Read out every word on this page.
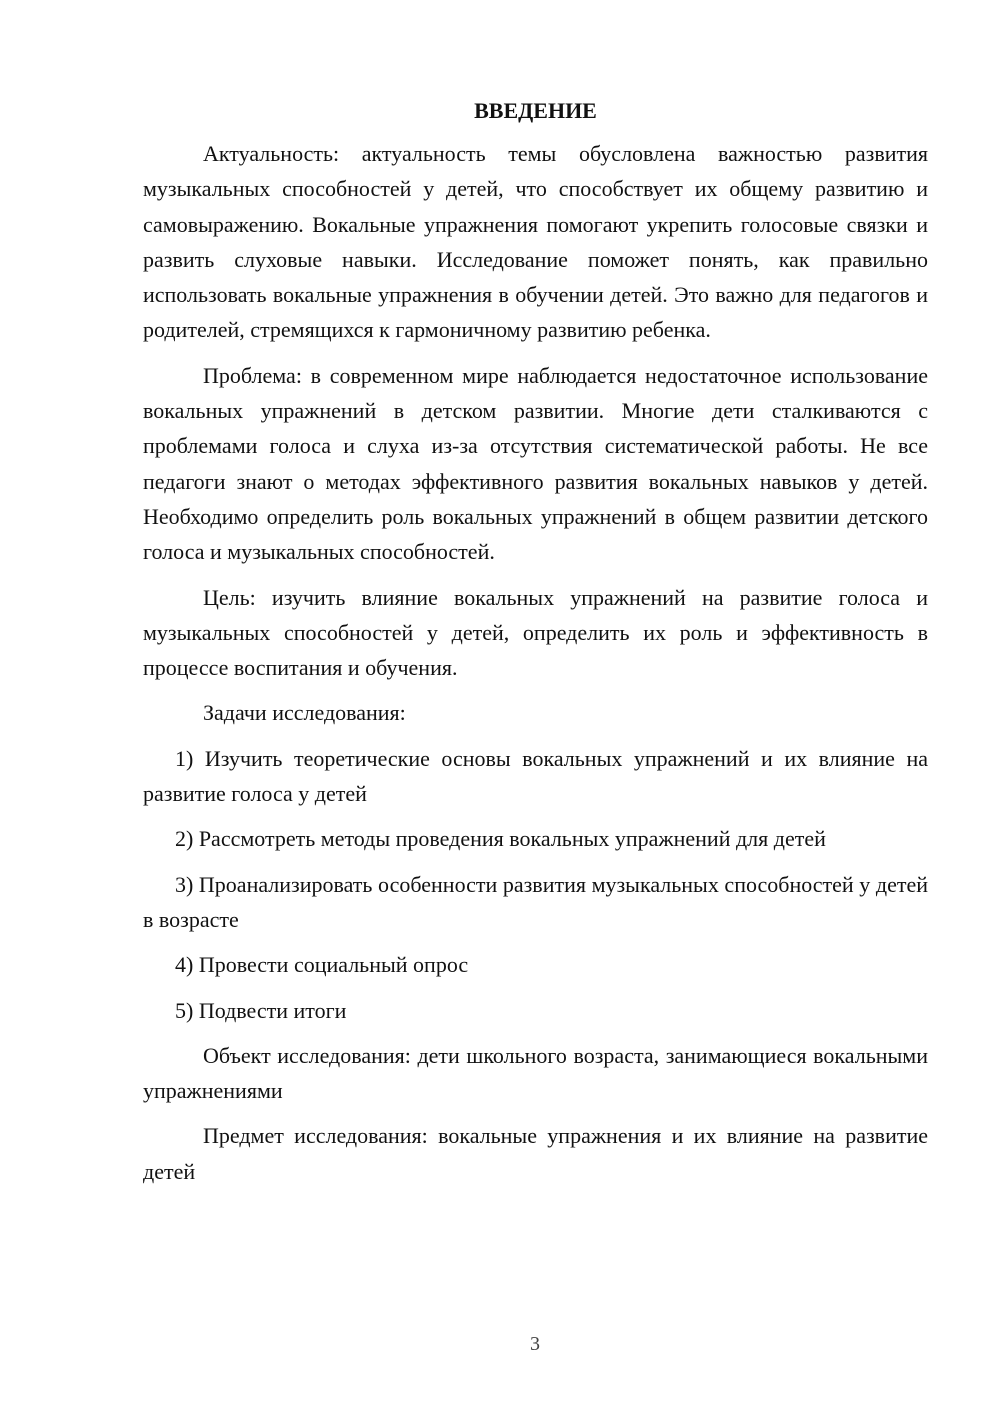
ВВЕДЕНИЕ

Актуальность: актуальность темы обусловлена важностью развития музыкальных способностей у детей, что способствует их общему развитию и самовыражению. Вокальные упражнения помогают укрепить голосовые связки и развить слуховые навыки. Исследование поможет понять, как правильно использовать вокальные упражнения в обучении детей. Это важно для педагогов и родителей, стремящихся к гармоничному развитию ребенка.

Проблема: в современном мире наблюдается недостаточное использование вокальных упражнений в детском развитии. Многие дети сталкиваются с проблемами голоса и слуха из-за отсутствия систематической работы. Не все педагоги знают о методах эффективного развития вокальных навыков у детей. Необходимо определить роль вокальных упражнений в общем развитии детского голоса и музыкальных способностей.

Цель: изучить влияние вокальных упражнений на развитие голоса и музыкальных способностей у детей, определить их роль и эффективность в процессе воспитания и обучения.

Задачи исследования:

1) Изучить теоретические основы вокальных упражнений и их влияние на развитие голоса у детей

2) Рассмотреть методы проведения вокальных упражнений для детей

3) Проанализировать особенности развития музыкальных способностей у детей в возрасте

4) Провести социальный опрос

5) Подвести итоги

Объект исследования: дети школьного возраста, занимающиеся вокальными упражнениями

Предмет исследования: вокальные упражнения и их влияние на развитие детей

3
